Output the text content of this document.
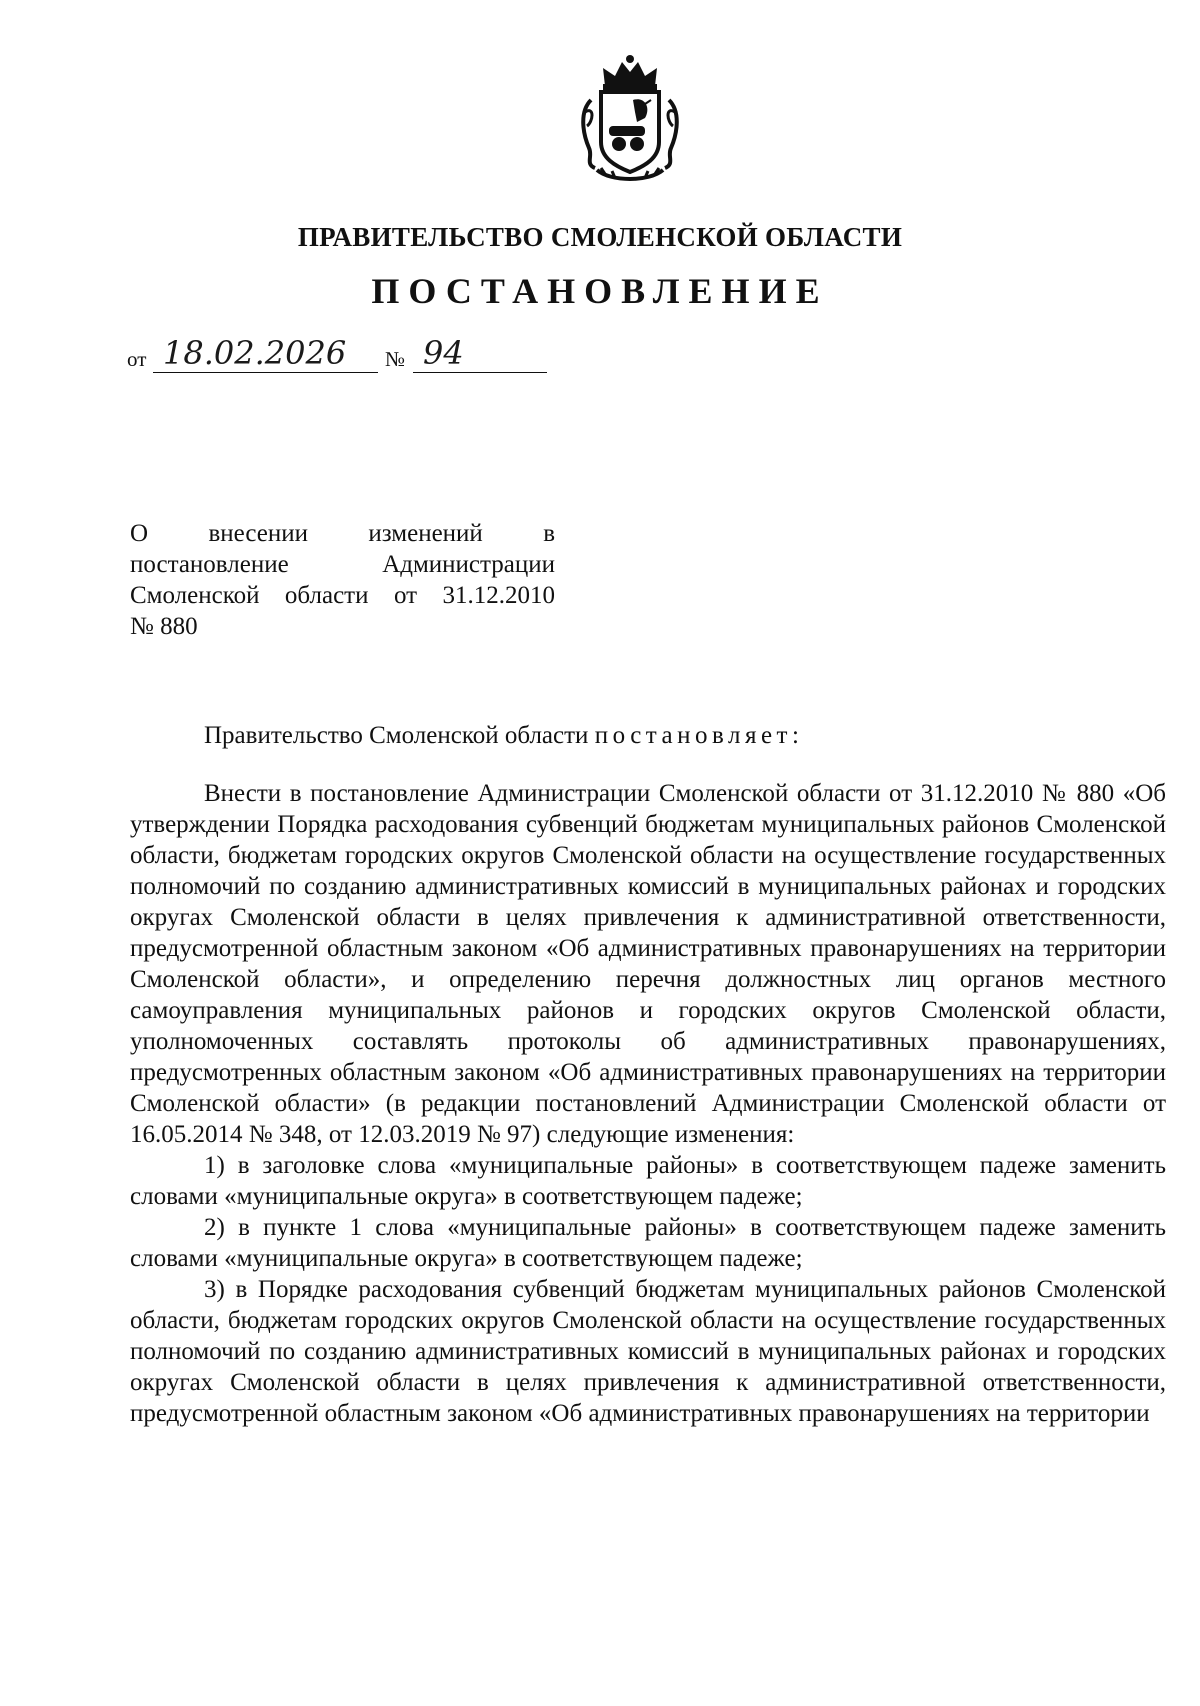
ПРАВИТЕЛЬСТВО СМОЛЕНСКОЙ ОБЛАСТИ
ПОСТАНОВЛЕНИЕ
от 18.02.2026	№ 94
О внесении изменений в
постановление Администрации
Смоленской области от 31.12.2010
№ 880
Правительство Смоленской области постановляет:

Внести в постановление Администрации Смоленской области от 31.12.2010 № 880 «Об утверждении Порядка расходования субвенций бюджетам муниципальных районов Смоленской области, бюджетам городских округов Смоленской области на осуществление государственных полномочий по созданию административных комиссий в муниципальных районах и городских округах Смоленской области в целях привлечения к административной ответственности, предусмотренной областным законом «Об административных правонарушениях на территории Смоленской области», и определению перечня должностных лиц органов местного самоуправления муниципальных районов и городских округов Смоленской области, уполномоченных составлять протоколы об административных правонарушениях, предусмотренных областным законом «Об административных правонарушениях на территории Смоленской области» (в редакции постановлений Администрации Смоленской области от 16.05.2014 № 348, от 12.03.2019 № 97) следующие изменения:

1) в заголовке слова «муниципальные районы» в соответствующем падеже заменить словами «муниципальные округа» в соответствующем падеже;

2) в пункте 1 слова «муниципальные районы» в соответствующем падеже заменить словами «муниципальные округа» в соответствующем падеже;

3) в Порядке расходования субвенций бюджетам муниципальных районов Смоленской области, бюджетам городских округов Смоленской области на осуществление государственных полномочий по созданию административных комиссий в муниципальных районах и городских округах Смоленской области в целях привлечения к административной ответственности, предусмотренной областным законом «Об административных правонарушениях на территории
